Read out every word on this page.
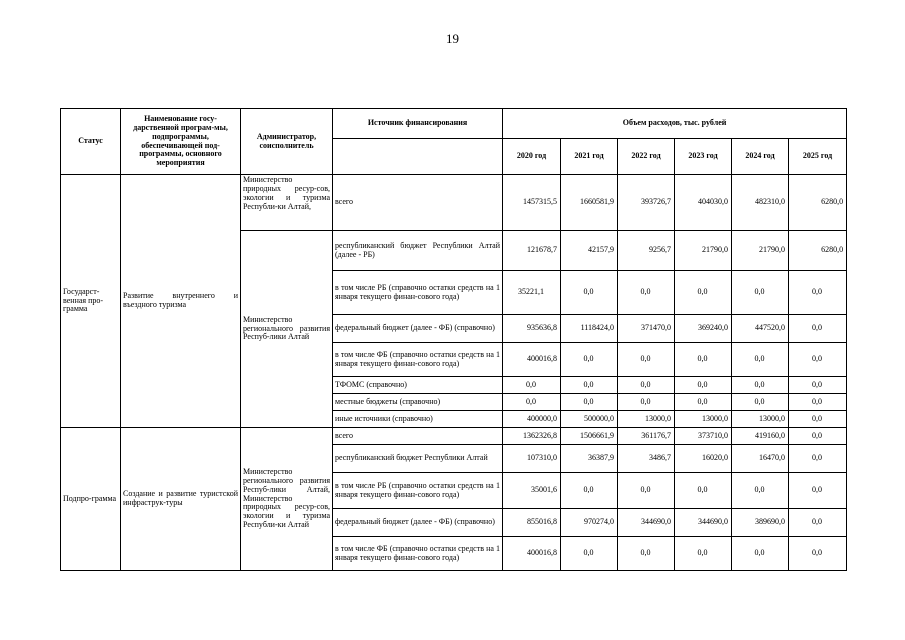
19
Статус	Наименование госу-дарственной програм-мы, подпрограммы, обеспечивающей под-программы, основного мероприятия	Администратор, соисполнитель	Источник финансирования	Объем расходов, тыс. рублей					
				2020 год	2021 год	2022 год	2023 год	2024 год	2025 год
Государст-венная про-грамма	Развитие внутреннего и въездного туризма	Министерство природных ресур-сов, экологии и туризма Республи-ки Алтай,	всего	1457315,5	1660581,9	393726,7	404030,0	482310,0	6280,0
		Министерство регионального развития Респуб-лики Алтай	республиканский бюджет Республики Алтай (далее - РБ)	121678,7	42157,9	9256,7	21790,0	21790,0	6280,0
			в том числе РБ (справочно остатки средств на 1 января текущего финан-сового года)	35221,1	0,0	0,0	0,0	0,0	0,0
			федеральный бюджет (далее - ФБ) (справочно)	935636,8	1118424,0	371470,0	369240,0	447520,0	0,0
			в том числе ФБ (справочно остатки средств на 1 января текущего финан-сового года)	400016,8	0,0	0,0	0,0	0,0	0,0
			ТФОМС (справочно)	0,0	0,0	0,0	0,0	0,0	0,0
			местные бюджеты (справочно)	0,0	0,0	0,0	0,0	0,0	0,0
			иные источники (справочно)	400000,0	500000,0	13000,0	13000,0	13000,0	0,0
Подпро-грамма	Создание и развитие туристской инфраструк-туры	Министерство регионального развития Респуб-лики Алтай, Министерство природных ресур-сов, экологии и туризма Республи-ки Алтай	всего	1362326,8	1506661,9	361176,7	373710,0	419160,0	0,0
			республиканский бюджет Республики Алтай	107310,0	36387,9	3486,7	16020,0	16470,0	0,0
			в том числе РБ (справочно остатки средств на 1 января текущего финан-сового года)	35001,6	0,0	0,0	0,0	0,0	0,0
			федеральный бюджет (далее - ФБ) (справочно)	855016,8	970274,0	344690,0	344690,0	389690,0	0,0
			в том числе ФБ (справочно остатки средств на 1 января текущего финан-сового года)	400016,8	0,0	0,0	0,0	0,0	0,0
